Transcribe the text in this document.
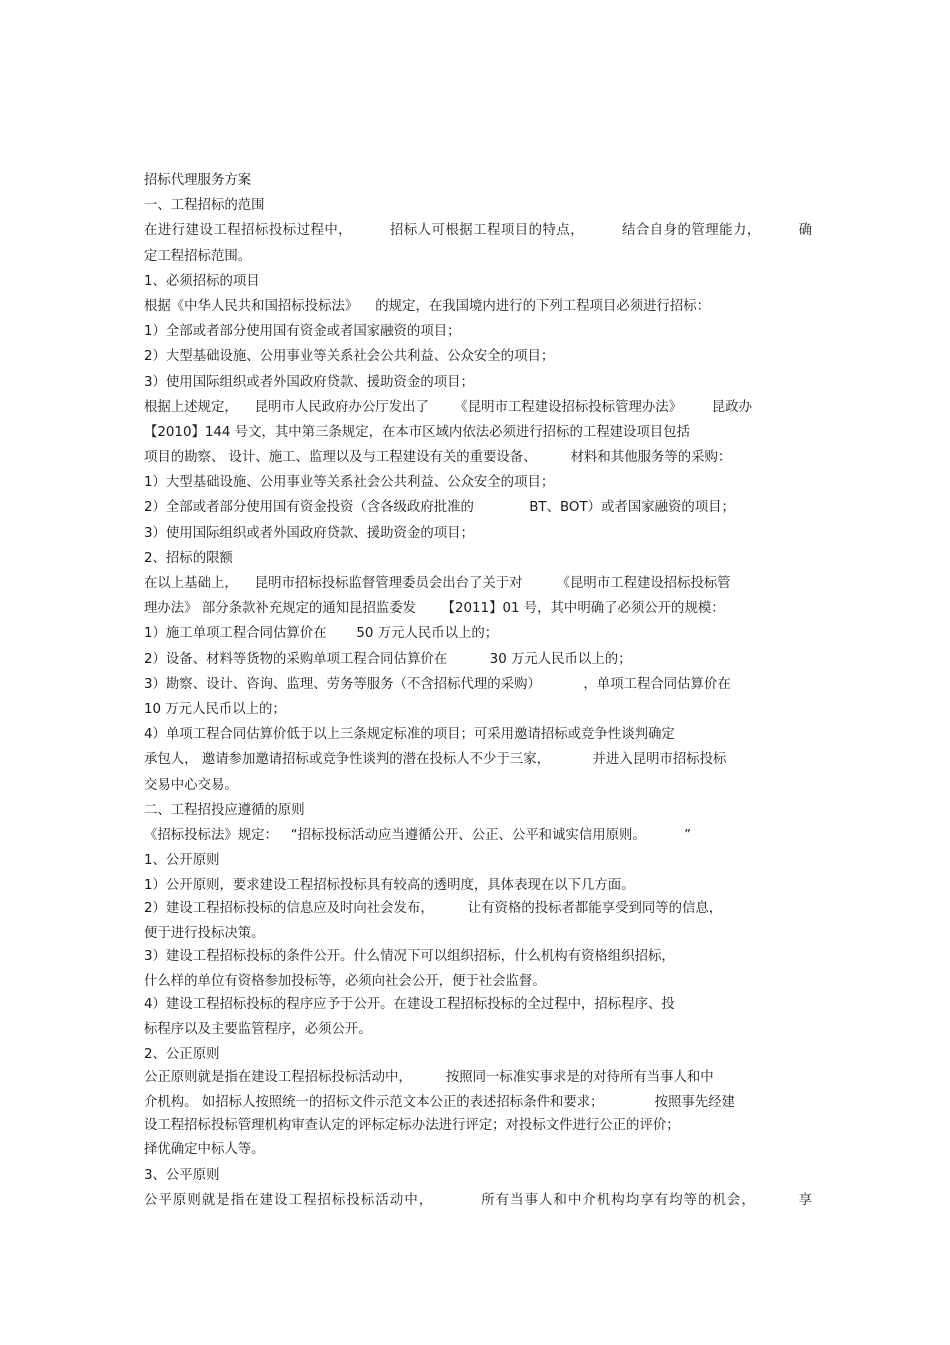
招标代理服务方案
一、工程招标的范围
在进行建设工程招标投标过程中，        招标人可根据工程项目的特点，        结合自身的管理能力，        确
定工程招标范围。
1、必须招标的项目
根据《中华人民共和国招标投标法》    的规定，在我国境内进行的下列工程项目必须进行招标：
1）全部或者部分使用国有资金或者国家融资的项目；
2）大型基础设施、公用事业等关系社会公共利益、公众安全的项目；
3）使用国际组织或者外国政府贷款、援助资金的项目；
根据上述规定，    昆明市人民政府办公厅发出了      《昆明市工程建设招标投标管理办法》       昆政办
【2010】144 号文，其中第三条规定，在本市区域内依法必须进行招标的工程建设项目包括
项目的勘察、 设计、施工、监理以及与工程建设有关的重要设备、        材料和其他服务等的采购：
1）大型基础设施、公用事业等关系社会公共利益、公众安全的项目；
2）全部或者部分使用国有资金投资（含各级政府批准的             BT、BOT）或者国家融资的项目；
3）使用国际组织或者外国政府贷款、援助资金的项目；
2、招标的限额
在以上基础上，    昆明市招标投标监督管理委员会出台了关于对        《昆明市工程建设招标投标管
理办法》 部分条款补充规定的通知昆招监委发      【2011】01 号，其中明确了必须公开的规模：
1）施工单项工程合同估算价在       50 万元人民币以上的；
2）设备、材料等货物的采购单项工程合同估算价在          30 万元人民币以上的；
3）勘察、设计、咨询、监理、劳务等服务（不含招标代理的采购）          ，单项工程合同估算价在
10 万元人民币以上的；
4）单项工程合同估算价低于以上三条规定标准的项目；可采用邀请招标或竞争性谈判确定
承包人， 邀请参加邀请招标或竞争性谈判的潜在投标人不少于三家，          并进入昆明市招标投标
交易中心交易。
二、工程招投应遵循的原则
《招标投标法》规定：   “招标投标活动应当遵循公开、公正、公平和诚实信用原则。         ”
1、公开原则
1）公开原则，要求建设工程招标投标具有较高的透明度，具体表现在以下几方面。
2）建设工程招标投标的信息应及时向社会发布，        让有资格的投标者都能享受到同等的信息，
便于进行投标决策。
3）建设工程招标投标的条件公开。什么情况下可以组织招标，什么机构有资格组织招标，
什么样的单位有资格参加投标等，必须向社会公开，便于社会监督。
4）建设工程招标投标的程序应予于公开。在建设工程招标投标的全过程中，招标程序、投
标程序以及主要监管程序，必须公开。
2、公正原则
公正原则就是指在建设工程招标投标活动中，        按照同一标准实事求是的对待所有当事人和中
介机构。 如招标人按照统一的招标文件示范文本公正的表述招标条件和要求；            按照事先经建
设工程招标投标管理机构审查认定的评标定标办法进行评定；对投标文件进行公正的评价；
择优确定中标人等。
3、公平原则
公平原则就是指在建设工程招标投标活动中，         所有当事人和中介机构均享有均等的机会，        享
